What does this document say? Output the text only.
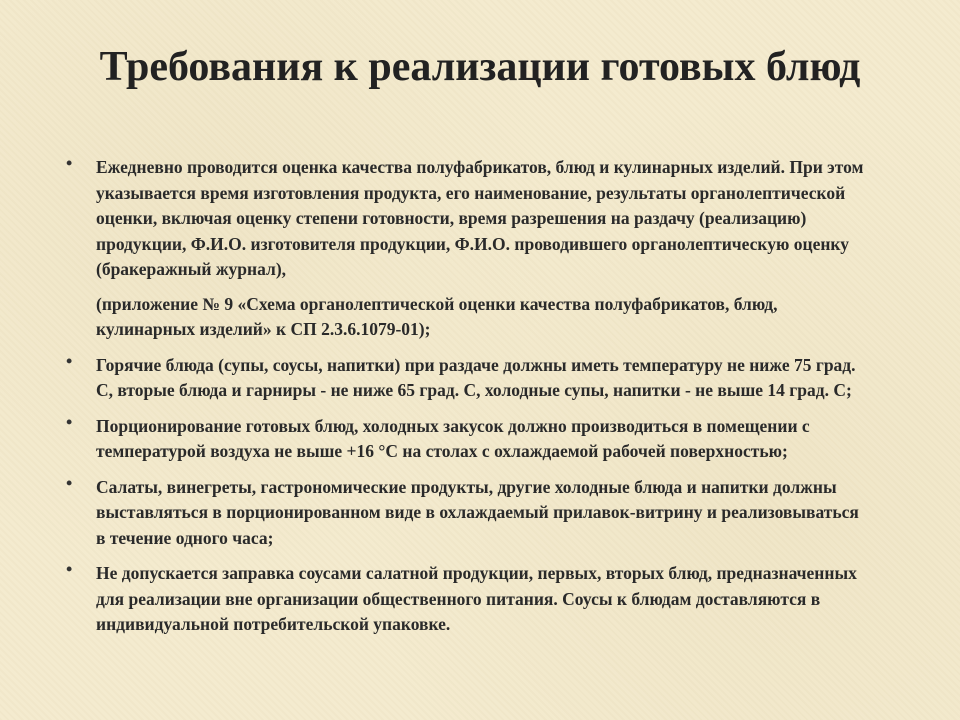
Требования к реализации готовых блюд
• Ежедневно проводится оценка качества полуфабрикатов, блюд и кулинарных изделий. При этом указывается время изготовления продукта, его наименование, результаты органолептической оценки, включая оценку степени готовности, время разрешения на раздачу (реализацию) продукции, Ф.И.О. изготовителя продукции, Ф.И.О. проводившего органолептическую оценку (бракеражный журнал),
(приложение № 9 «Схема органолептической оценки качества полуфабрикатов, блюд, кулинарных изделий» к СП 2.3.6.1079-01);
• Горячие блюда (супы, соусы, напитки) при раздаче должны иметь температуру не ниже 75 град. С, вторые блюда и гарниры - не ниже 65 град. С, холодные супы, напитки - не выше 14 град. С;
• Порционирование готовых блюд, холодных закусок должно производиться в помещении с температурой воздуха не выше +16 °С на столах с охлаждаемой рабочей поверхностью;
• Салаты, винегреты, гастрономические продукты, другие холодные блюда и напитки должны выставляться в порционированном виде в охлаждаемый прилавок-витрину и реализовываться в течение одного часа;
• Не допускается заправка соусами салатной продукции, первых, вторых блюд, предназначенных для реализации вне организации общественного питания. Соусы к блюдам доставляются в индивидуальной потребительской упаковке.
